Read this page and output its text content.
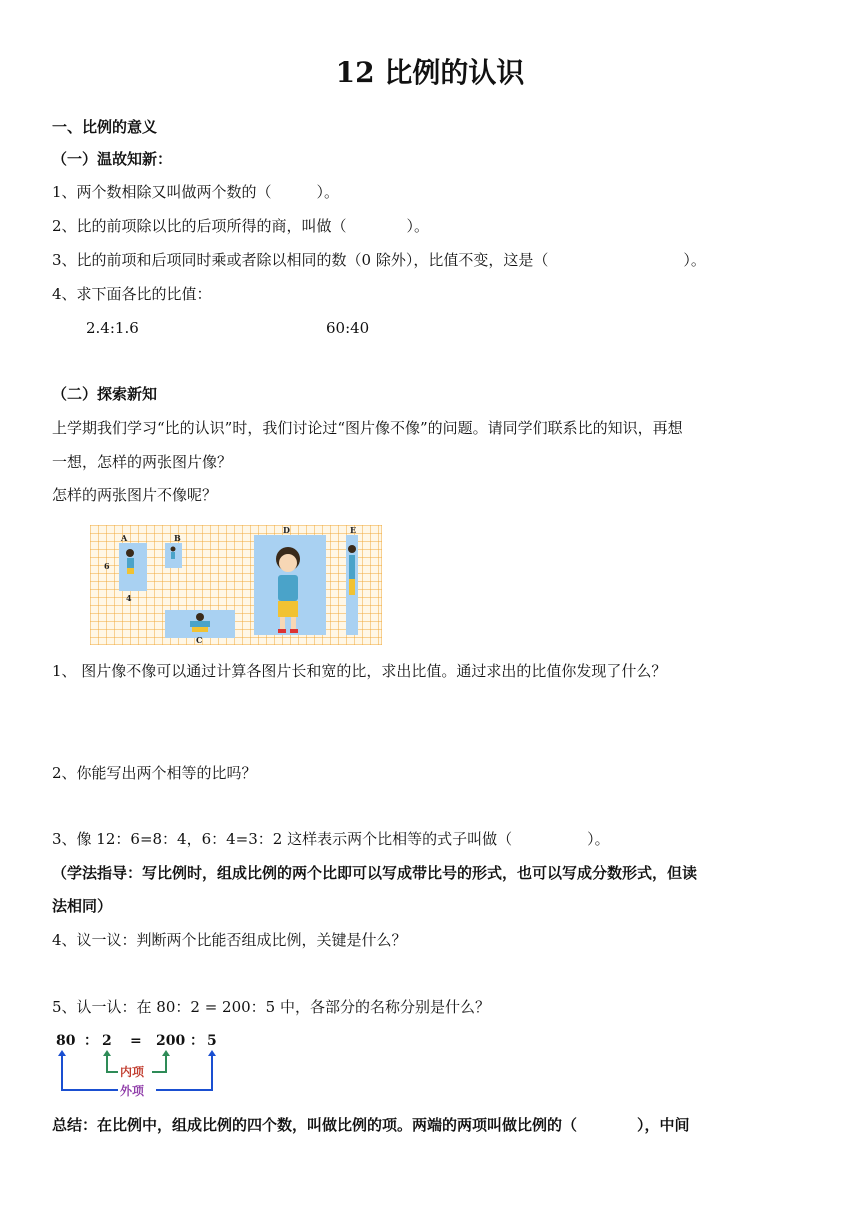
12 比例的认识
一、比例的意义
（一）温故知新：
1、两个数相除又叫做两个数的（　　　）。
2、比的前项除以比的后项所得的商，叫做（　　　　）。
3、比的前项和后项同时乘或者除以相同的数（0 除外），比值不变，这是（　　　　　　　　　）。
4、求下面各比的比值：
2.4:1.6	60:40
（二）探索新知
上学期我们学习“比的认识”时，我们讨论过“图片像不像”的问题。请同学们联系比的知识，再想
一想，怎样的两张图片像？
怎样的两张图片不像呢？
A	B
C
D	E
6
4
1、 图片像不像可以通过计算各图片长和宽的比，求出比值。通过求出的比值你发现了什么？
2、你能写出两个相等的比吗？
3、像 12：6=8：4，6：4=3：2 这样表示两个比相等的式子叫做（　　　　　）。
（学法指导：写比例时，组成比例的两个比即可以写成带比号的形式，也可以写成分数形式，但读
法相同）
4、议一议：判断两个比能否组成比例，关键是什么？
5、认一认：在 80：2 = 200：5 中，各部分的名称分别是什么？
80 ： 2 = 200 ： 5
内项
外项
总结：在比例中，组成比例的四个数，叫做比例的项。两端的两项叫做比例的（　　　　），中间
